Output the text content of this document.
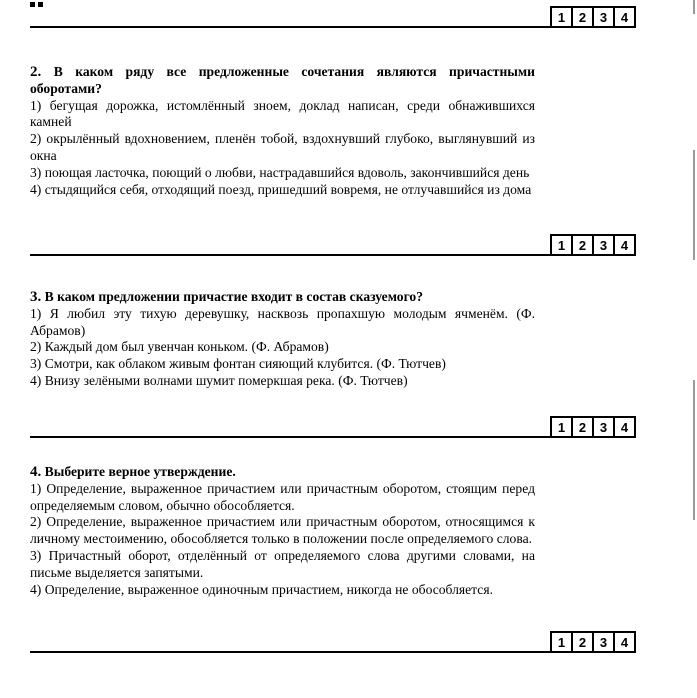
1	2	3	4

2. В каком ряду все предложенные сочетания являются причастными оборотами?

1) бегущая дорожка, истомлённый зноем, доклад написан, среди обнажившихся камней

2) окрылённый вдохновением, пленён тобой, вздохнувший глубоко, выглянувший из окна

3) поющая ласточка, поющий о любви, настрадавшийся вдоволь, закончившийся день

4) стыдящийся себя, отходящий поезд, пришедший вовремя, не отлучавшийся из дома

1	2	3	4

3. В каком предложении причастие входит в состав сказуемого?

1) Я любил эту тихую деревушку, насквозь пропахшую молодым ячменём. (Ф. Абрамов)

2) Каждый дом был увенчан коньком. (Ф. Абрамов)

3) Смотри, как облаком живым фонтан сияющий клубится. (Ф. Тютчев)

4) Внизу зелёными волнами шумит померкшая река. (Ф. Тютчев)

1	2	3	4

4. Выберите верное утверждение.

1) Определение, выраженное причастием или причастным оборотом, стоящим перед определяемым словом, обычно обособляется.

2) Определение, выраженное причастием или причастным оборотом, относящимся к личному местоимению, обособляется только в положении после определяемого слова.

3) Причастный оборот, отделённый от определяемого слова другими словами, на письме выделяется запятыми.

4) Определение, выраженное одиночным причастием, никогда не обособляется.

1	2	3	4
